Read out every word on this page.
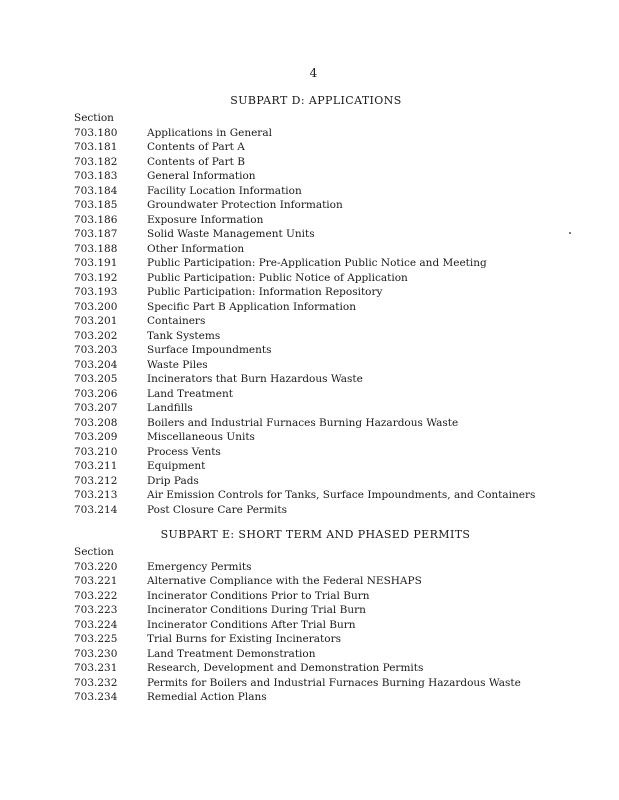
4
SUBPART D: APPLICATIONS
Section
703.180	Applications in General
703.181	Contents of Part A
703.182	Contents of Part B
703.183	General Information
703.184	Facility Location Information
703.185	Groundwater Protection Information
703.186	Exposure Information
703.187	Solid Waste Management Units
703.188	Other Information
703.191	Public Participation: Pre-Application Public Notice and Meeting
703.192	Public Participation: Public Notice of Application
703.193	Public Participation: Information Repository
703.200	Specific Part B Application Information
703.201	Containers
703.202	Tank Systems
703.203	Surface Impoundments
703.204	Waste Piles
703.205	Incinerators that Burn Hazardous Waste
703.206	Land Treatment
703.207	Landfills
703.208	Boilers and Industrial Furnaces Burning Hazardous Waste
703.209	Miscellaneous Units
703.210	Process Vents
703.211	Equipment
703.212	Drip Pads
703.213	Air Emission Controls for Tanks, Surface Impoundments, and Containers
703.214	Post Closure Care Permits
SUBPART E: SHORT TERM AND PHASED PERMITS
Section
703.220	Emergency Permits
703.221	Alternative Compliance with the Federal NESHAPS
703.222	Incinerator Conditions Prior to Trial Burn
703.223	Incinerator Conditions During Trial Burn
703.224	Incinerator Conditions After Trial Burn
703.225	Trial Burns for Existing Incinerators
703.230	Land Treatment Demonstration
703.231	Research, Development and Demonstration Permits
703.232	Permits for Boilers and Industrial Furnaces Burning Hazardous Waste
703.234	Remedial Action Plans
